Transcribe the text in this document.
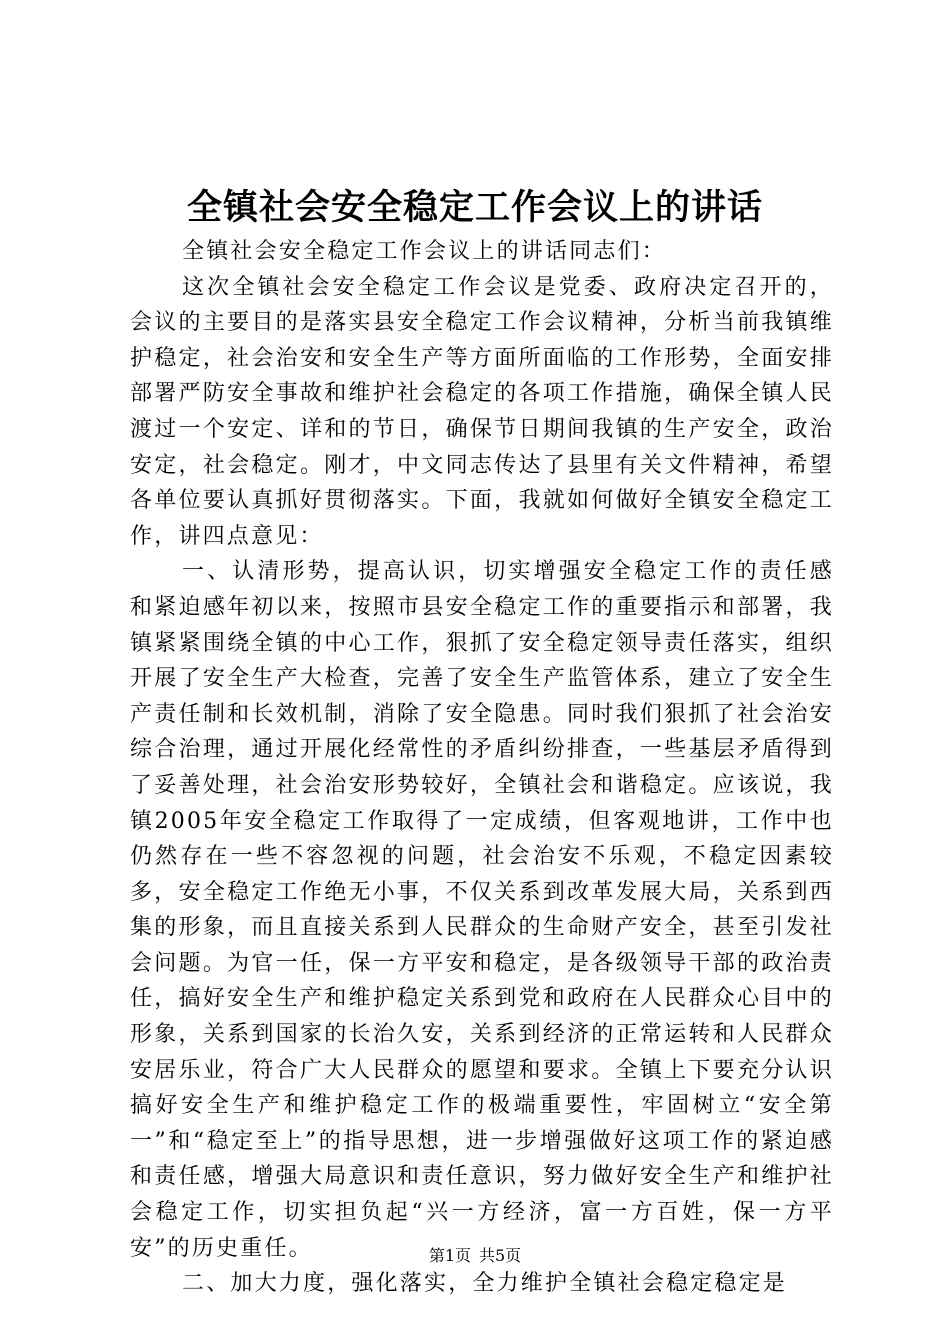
全镇社会安全稳定工作会议上的讲话

全镇社会安全稳定工作会议上的讲话同志们：

这次全镇社会安全稳定工作会议是党委、政府决定召开的，会议的主要目的是落实县安全稳定工作会议精神，分析当前我镇维护稳定，社会治安和安全生产等方面所面临的工作形势，全面安排部署严防安全事故和维护社会稳定的各项工作措施，确保全镇人民渡过一个安定、详和的节日，确保节日期间我镇的生产安全，政治安定，社会稳定。刚才，中文同志传达了县里有关文件精神，希望各单位要认真抓好贯彻落实。下面，我就如何做好全镇安全稳定工作，讲四点意见：

一、认清形势，提高认识，切实增强安全稳定工作的责任感和紧迫感年初以来，按照市县安全稳定工作的重要指示和部署，我镇紧紧围绕全镇的中心工作，狠抓了安全稳定领导责任落实，组织开展了安全生产大检查，完善了安全生产监管体系，建立了安全生产责任制和长效机制，消除了安全隐患。同时我们狠抓了社会治安综合治理，通过开展化经常性的矛盾纠纷排查，一些基层矛盾得到了妥善处理，社会治安形势较好，全镇社会和谐稳定。应该说，我镇2005年安全稳定工作取得了一定成绩，但客观地讲，工作中也仍然存在一些不容忽视的问题，社会治安不乐观，不稳定因素较多，安全稳定工作绝无小事，不仅关系到改革发展大局，关系到西集的形象，而且直接关系到人民群众的生命财产安全，甚至引发社会问题。为官一任，保一方平安和稳定，是各级领导干部的政治责任，搞好安全生产和维护稳定关系到党和政府在人民群众心目中的形象，关系到国家的长治久安，关系到经济的正常运转和人民群众安居乐业，符合广大人民群众的愿望和要求。全镇上下要充分认识搞好安全生产和维护稳定工作的极端重要性，牢固树立“安全第一”和“稳定至上”的指导思想，进一步增强做好这项工作的紧迫感和责任感，增强大局意识和责任意识，努力做好安全生产和维护社会稳定工作，切实担负起“兴一方经济，富一方百姓，保一方平安”的历史重任。

二、加大力度，强化落实，全力维护全镇社会稳定稳定是

第1页 共5页
